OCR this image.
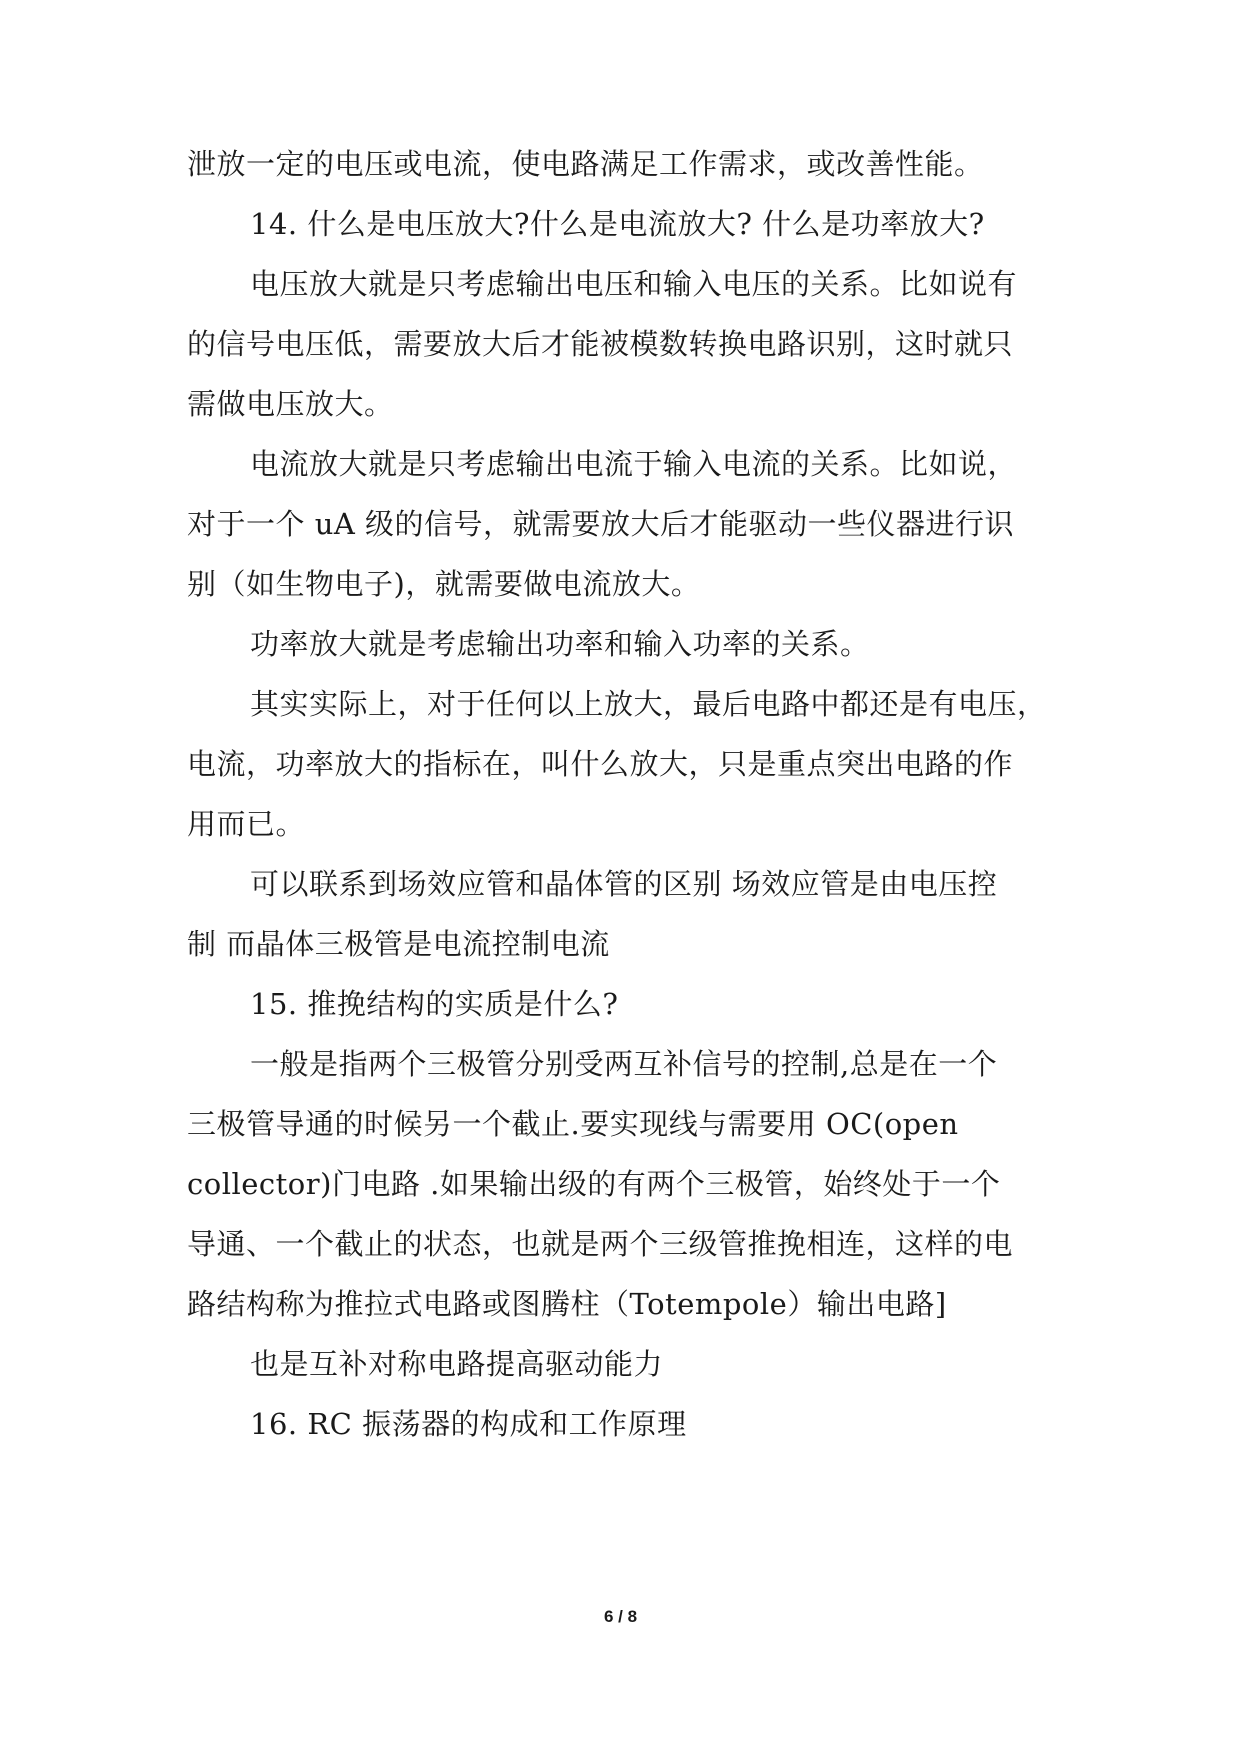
泄放一定的电压或电流，使电路满足工作需求，或改善性能。
14. 什么是电压放大?什么是电流放大? 什么是功率放大?
电压放大就是只考虑输出电压和输入电压的关系。比如说有
的信号电压低，需要放大后才能被模数转换电路识别，这时就只
需做电压放大。
电流放大就是只考虑输出电流于输入电流的关系。比如说，
对于一个 uA 级的信号，就需要放大后才能驱动一些仪器进行识
别（如生物电子)，就需要做电流放大。
功率放大就是考虑输出功率和输入功率的关系。
其实实际上，对于任何以上放大，最后电路中都还是有电压，
电流，功率放大的指标在，叫什么放大，只是重点突出电路的作
用而已。
可以联系到场效应管和晶体管的区别 场效应管是由电压控
制 而晶体三极管是电流控制电流
15. 推挽结构的实质是什么?
一般是指两个三极管分别受两互补信号的控制,总是在一个
三极管导通的时候另一个截止.要实现线与需要用 OC(open
collector)门电路 .如果输出级的有两个三极管，始终处于一个
导通、一个截止的状态，也就是两个三级管推挽相连，这样的电
路结构称为推拉式电路或图腾柱（Totempole）输出电路]
也是互补对称电路提高驱动能力
16. RC 振荡器的构成和工作原理
6 / 8
